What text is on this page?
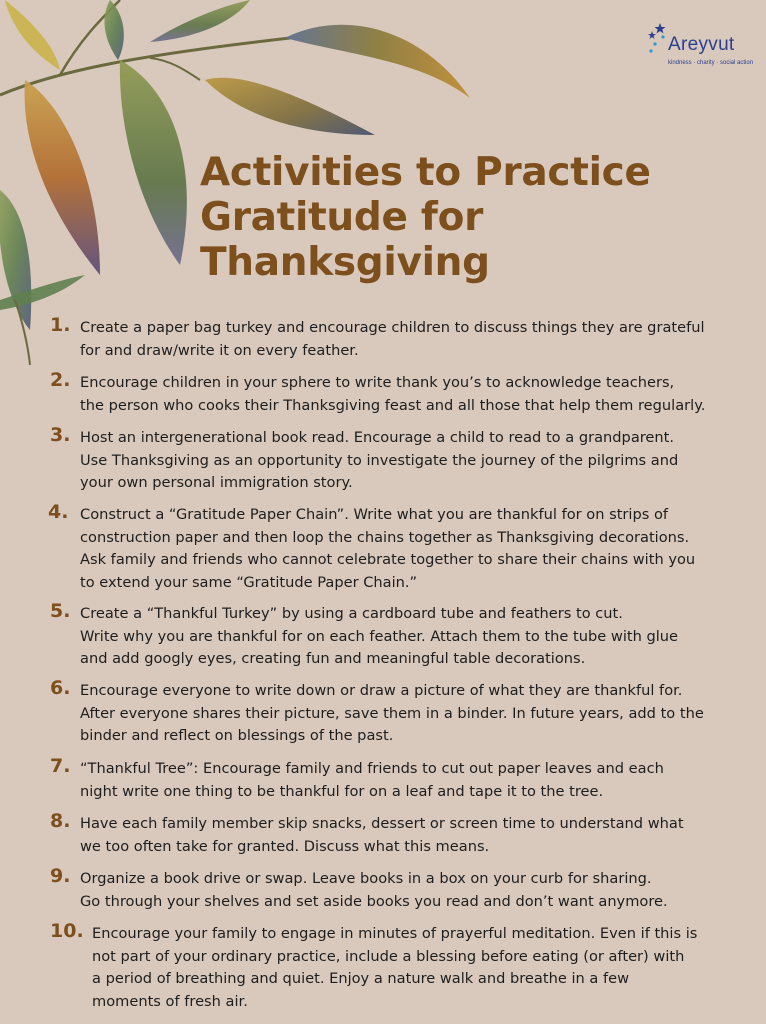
Areyvut
kindness · charity · social action
Activities to Practice Gratitude for Thanksgiving
1. Create a paper bag turkey and encourage children to discuss things they are grateful
for and draw/write it on every feather.
2. Encourage children in your sphere to write thank you’s to acknowledge teachers,
the person who cooks their Thanksgiving feast and all those that help them regularly.
3. Host an intergenerational book read. Encourage a child to read to a grandparent.
Use Thanksgiving as an opportunity to investigate the journey of the pilgrims and
your own personal immigration story.
4. Construct a “Gratitude Paper Chain”. Write what you are thankful for on strips of
construction paper and then loop the chains together as Thanksgiving decorations.
Ask family and friends who cannot celebrate together to share their chains with you
to extend your same “Gratitude Paper Chain.”
5. Create a “Thankful Turkey” by using a cardboard tube and feathers to cut.
Write why you are thankful for on each feather. Attach them to the tube with glue
and add googly eyes, creating fun and meaningful table decorations.
6. Encourage everyone to write down or draw a picture of what they are thankful for.
After everyone shares their picture, save them in a binder. In future years, add to the
binder and reflect on blessings of the past.
7. “Thankful Tree”: Encourage family and friends to cut out paper leaves and each
night write one thing to be thankful for on a leaf and tape it to the tree.
8. Have each family member skip snacks, dessert or screen time to understand what
we too often take for granted. Discuss what this means.
9. Organize a book drive or swap. Leave books in a box on your curb for sharing.
Go through your shelves and set aside books you read and don’t want anymore.
10. Encourage your family to engage in minutes of prayerful meditation. Even if this is
not part of your ordinary practice, include a blessing before eating (or after) with
a period of breathing and quiet. Enjoy a nature walk and breathe in a few
moments of fresh air.
